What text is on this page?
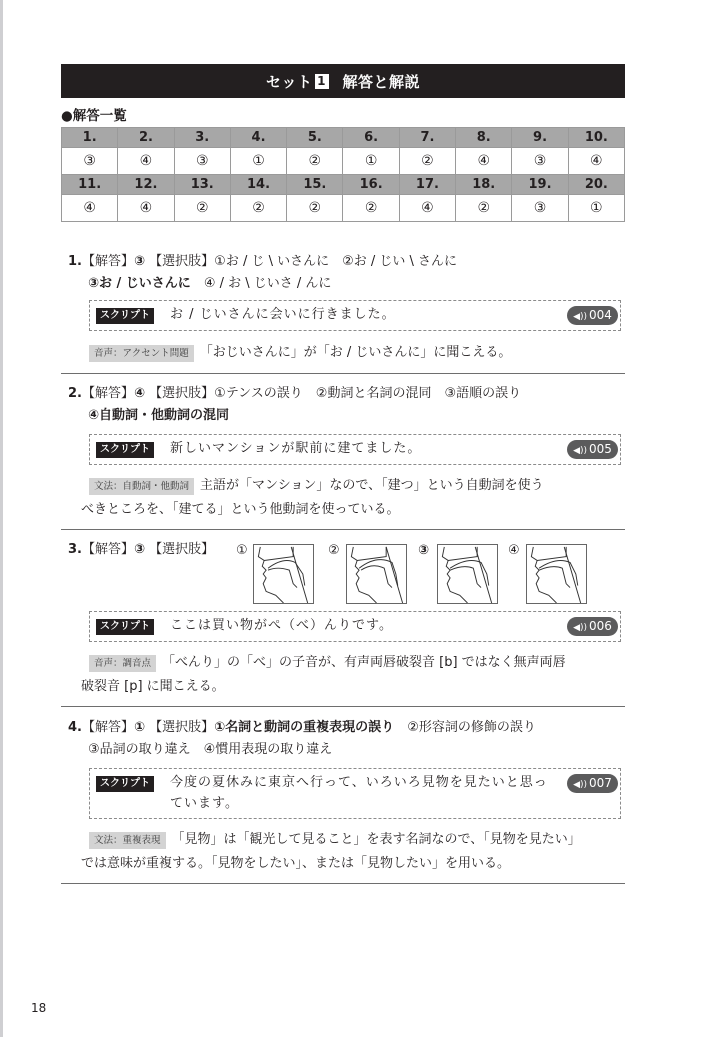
セット 1 解答と解説
●解答一覧
1.	2.	3.	4.	5.	6.	7.	8.	9.	10.
③	④	③	①	②	①	②	④	③	④
11.	12.	13.	14.	15.	16.	17.	18.	19.	20.
④	④	②	②	②	②	④	②	③	①
1.【解答】③ 【選択肢】①お / じ \ いさんに　②お / じい \ さんに
③お / じいさんに　④ / お \ じいさ / んに
スクリプト	お / じいさんに会いに行きました。	◀)) 004
音声：アクセント問題 「おじいさんに」が「お / じいさんに」に聞こえる。
2.【解答】④ 【選択肢】①テンスの誤り　②動詞と名詞の混同　③語順の誤り
④自動詞・他動詞の混同
スクリプト	新しいマンションが駅前に建てました。	◀)) 005
文法：自動詞・他動詞 主語が「マンション」なので、「建つ」という自動詞を使う
べきところを、「建てる」という他動詞を使っている。
3.【解答】③ 【選択肢】	①	②	③	④
スクリプト	ここは買い物がぺ（べ）んりです。	◀)) 006
音声：調音点 「べんり」の「べ」の子音が、有声両唇破裂音 [b] ではなく無声両唇
破裂音 [p] に聞こえる。
4.【解答】① 【選択肢】①名詞と動詞の重複表現の誤り　②形容詞の修飾の誤り
③品詞の取り違え　④慣用表現の取り違え
スクリプト	今度の夏休みに東京へ行って、いろいろ見物を見たいと思っ
ています。
◀)) 007
文法：重複表現 「見物」は「観光して見ること」を表す名詞なので、「見物を見たい」
では意味が重複する。「見物をしたい」、または「見物したい」を用いる。
18
